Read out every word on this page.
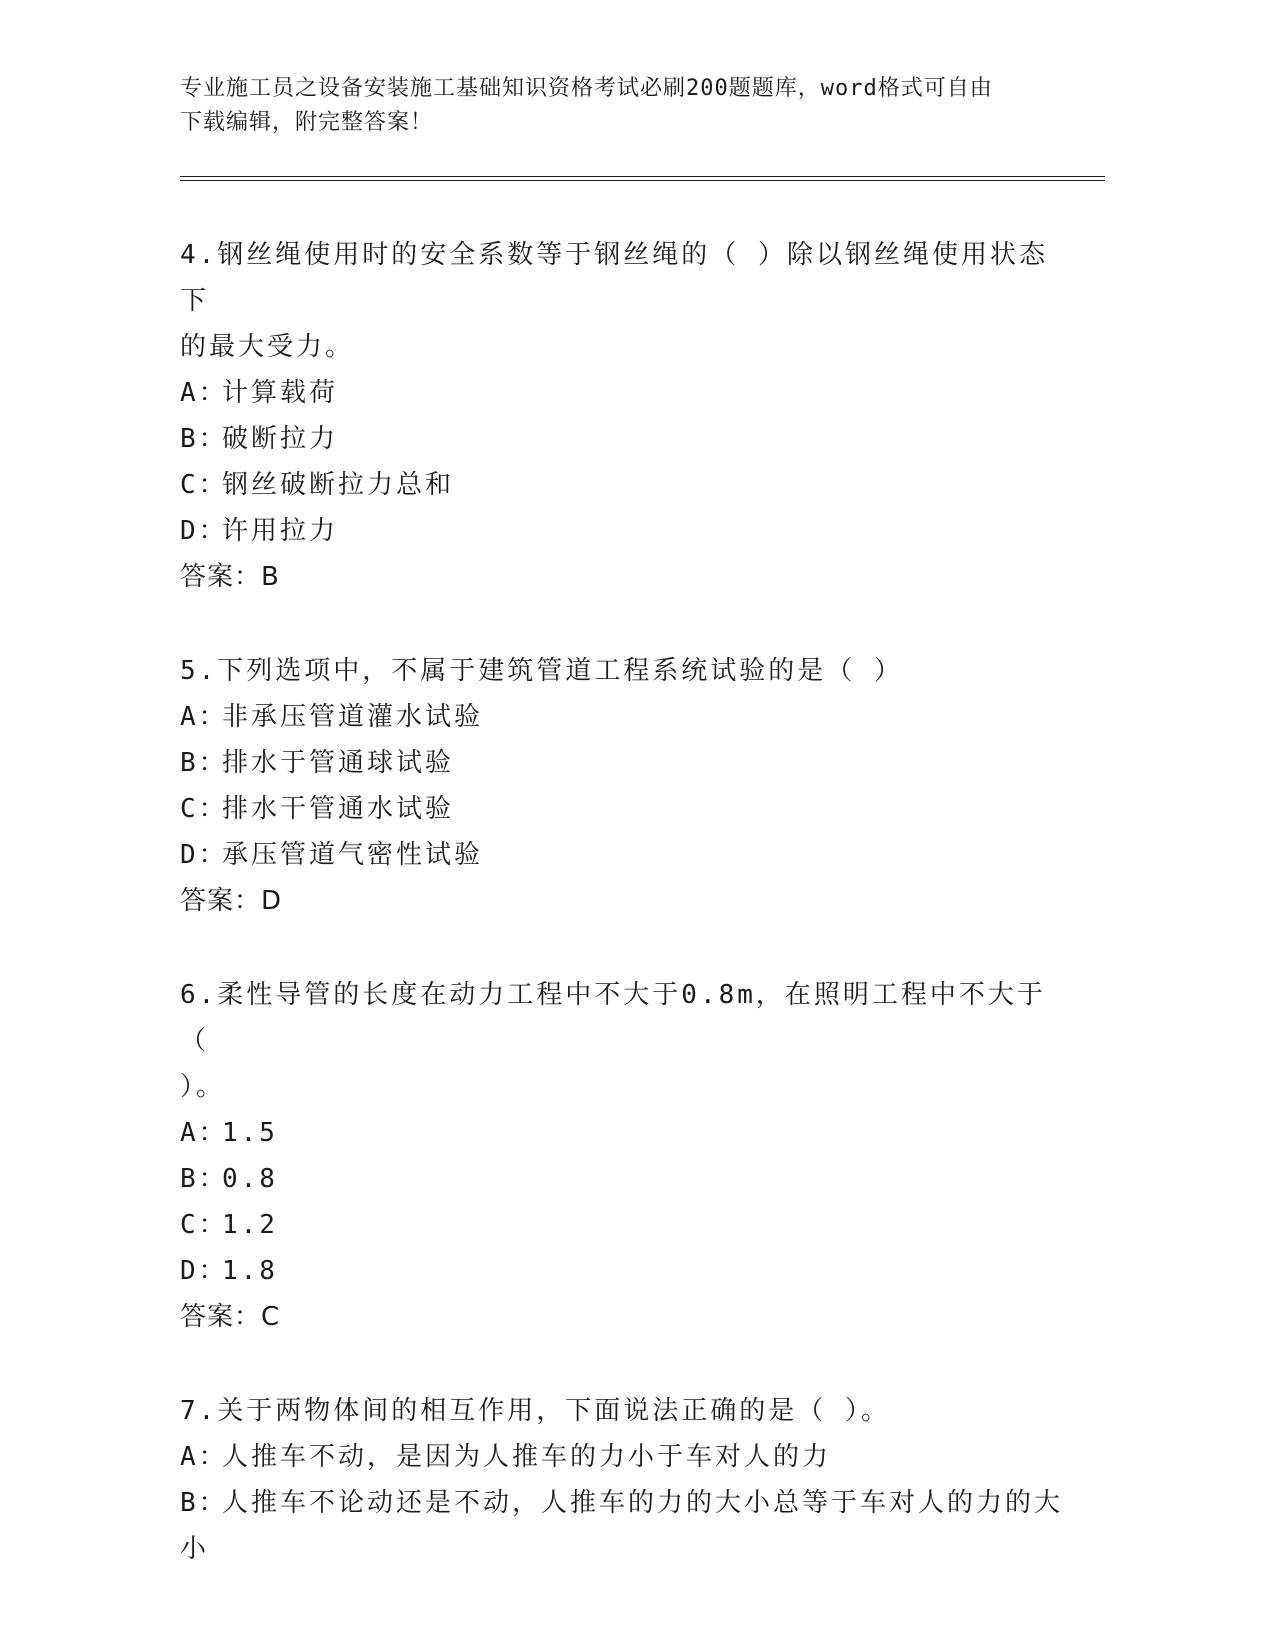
专业施工员之设备安装施工基础知识资格考试必刷200题题库，word格式可自由
下载编辑，附完整答案！
4.钢丝绳使用时的安全系数等于钢丝绳的（ ）除以钢丝绳使用状态下
的最大受力。
A：计算载荷
B：破断拉力
C：钢丝破断拉力总和
D：许用拉力
答案：B
5.下列选项中，不属于建筑管道工程系统试验的是（ ）
A：非承压管道灌水试验
B：排水于管通球试验
C：排水干管通水试验
D：承压管道气密性试验
答案：D
6.柔性导管的长度在动力工程中不大于0.8m，在照明工程中不大于（
）。
A：1.5
B：0.8
C：1.2
D：1.8
答案：C
7.关于两物体间的相互作用，下面说法正确的是（ ）。
A：人推车不动，是因为人推车的力小于车对人的力
B：人推车不论动还是不动，人推车的力的大小总等于车对人的力的大
小
